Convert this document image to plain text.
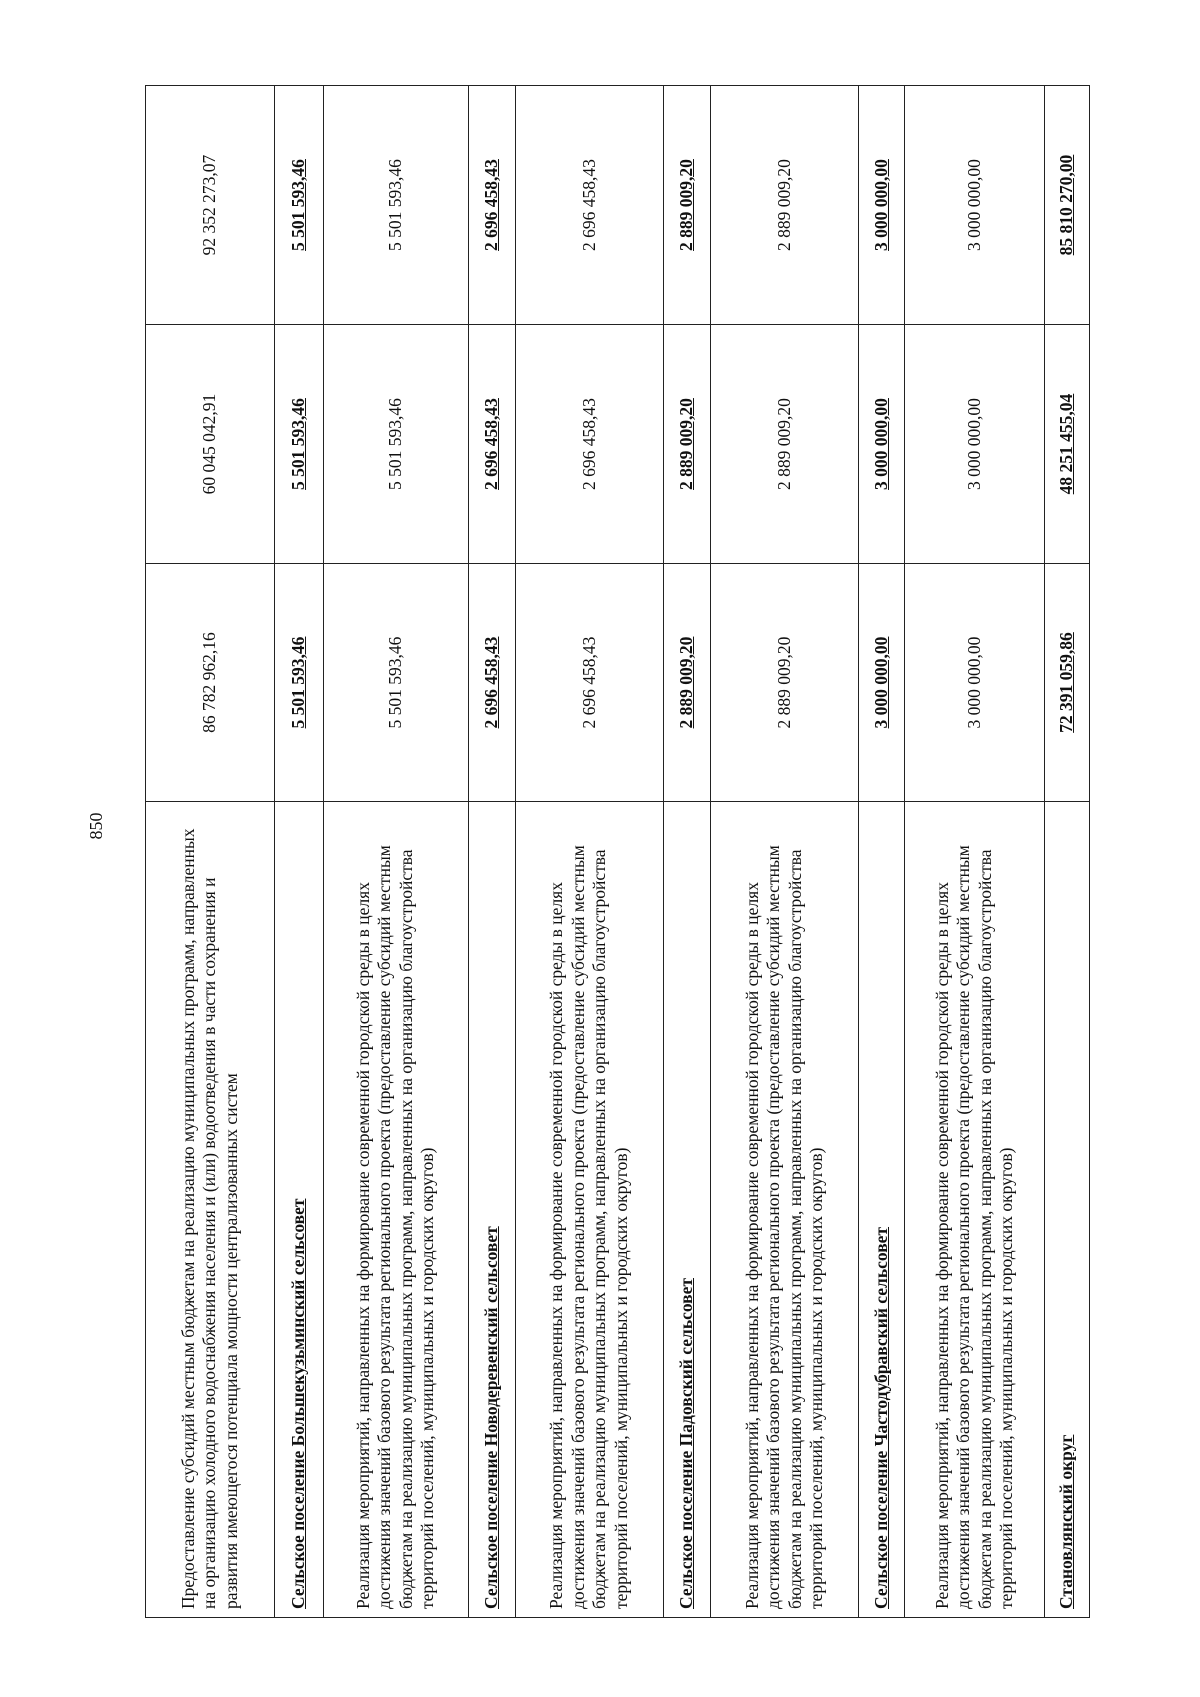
850
Предоставление субсидий местным бюджетам на реализацию муниципальных программ, направленных на организацию холодного водоснабжения населения и (или) водоотведения в части сохранения и развития имеющегося потенциала мощности централизованных систем	86 782 962,16	60 045 042,91	92 352 273,07
Сельское поселение Большекузьминский сельсовет	5 501 593,46	5 501 593,46	5 501 593,46
Реализация мероприятий, направленных на формирование современной городской среды в целях достижения значений базового результата регионального проекта (предоставление субсидий местным бюджетам на реализацию муниципальных программ, направленных на организацию благоустройства территорий поселений, муниципальных и городских округов)	5 501 593,46	5 501 593,46	5 501 593,46
Сельское поселение Новодеревенский сельсовет	2 696 458,43	2 696 458,43	2 696 458,43
Реализация мероприятий, направленных на формирование современной городской среды в целях достижения значений базового результата регионального проекта (предоставление субсидий местным бюджетам на реализацию муниципальных программ, направленных на организацию благоустройства территорий поселений, муниципальных и городских округов)	2 696 458,43	2 696 458,43	2 696 458,43
Сельское поселение Падовский сельсовет	2 889 009,20	2 889 009,20	2 889 009,20
Реализация мероприятий, направленных на формирование современной городской среды в целях достижения значений базового результата регионального проекта (предоставление субсидий местным бюджетам на реализацию муниципальных программ, направленных на организацию благоустройства территорий поселений, муниципальных и городских округов)	2 889 009,20	2 889 009,20	2 889 009,20
Сельское поселение Частодубравский сельсовет	3 000 000,00	3 000 000,00	3 000 000,00
Реализация мероприятий, направленных на формирование современной городской среды в целях достижения значений базового результата регионального проекта (предоставление субсидий местным бюджетам на реализацию муниципальных программ, направленных на организацию благоустройства территорий поселений, муниципальных и городских округов)	3 000 000,00	3 000 000,00	3 000 000,00
Становлянский округ	72 391 059,86	48 251 455,04	85 810 270,00
